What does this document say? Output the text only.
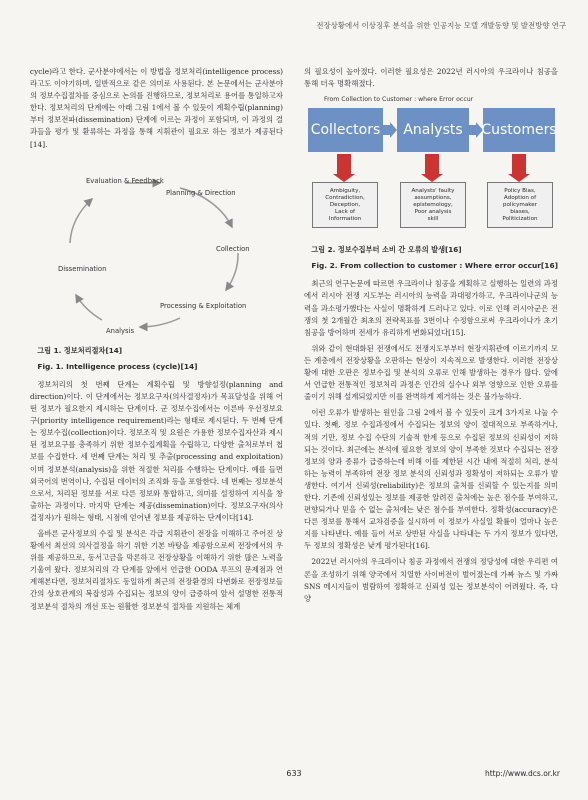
전장상황에서 이상징후 분석을 위한 인공지능 모델 개발동향 및 발전방향 연구

cycle)라고 한다. 군사분야에서는 이 방법을 정보처리(intelligence process)라고도 이야기하며, 일반적으로 같은 의미로 사용된다. 본 논문에서는 군사분야의 정보수집절차를 중심으로 논의를 진행하므로, 정보처리로 용어를 통일하고자 한다. 정보처리의 단계에는 아래 그림 1에서 볼 수 있듯이 계획수립(planning)부터 정보전파(dissemination) 단계에 이르는 과정이 포함되며, 이 과정의 결과들을 평가 및 환류하는 과정을 통해 지휘관이 필요로 하는 정보가 제공된다[14].

Evaluation & Feedback
Planning & Direction
Collection
Processing & Exploitation
Analysis
Dissemination

그림 1. 정보처리절차[14]

Fig. 1. Intelligence process (cycle)[14]

정보처리의 첫 번째 단계는 계획수립 및 방향설정(planning and direction)이다. 이 단계에서는 정보요구자(의사결정자)가 목표달성을 위해 어떤 정보가 필요한지 제시하는 단계이다. 군 정보수집에서는 이른바 우선정보요구(priority intelligence requirement)라는 형태로 제시된다. 두 번째 단계는 정보수집(collection)이다. 정보조직 및 요원은 가용한 정보수집자산과 제시된 정보요구를 충족하기 위한 정보수집계획을 수립하고, 다양한 출처로부터 첩보를 수집한다. 세 번째 단계는 처리 및 추출(processing and exploitation)이며 정보분석(analysis)을 위한 적절한 처리를 수행하는 단계이다. 예를 들면 외국어의 번역이나, 수집된 데이터의 조직화 등을 포함한다. 네 번째는 정보분석으로서, 처리된 정보를 서로 다른 정보와 통합하고, 의미를 설정하여 지식을 창출하는 과정이다. 마지막 단계는 제공(dissemination)이다. 정보요구자(의사결정자)가 원하는 형태, 시점에 얻어낸 정보를 제공하는 단계이다[14].

올바른 군사정보의 수집 및 분석은 각급 지휘관이 전장을 이해하고 주어진 상황에서 최선의 의사결정을 하기 위한 기본 바탕을 제공함으로써 전장에서의 우위를 제공하므로, 동서고금을 막론하고 전장상황을 이해하기 위한 많은 노력을 기울여 왔다. 정보처리의 각 단계를 앞에서 언급한 OODA 루프의 문제점과 연계해본다면, 정보처리절차도 동일하게 최근의 전장환경의 다변화로 전장정보들간의 상호관계의 복잡성과 수집되는 정보의 양이 급증하여 앞서 설명한 전통적 정보분석 절차의 개선 또는 원활한 정보분석 절차를 지원하는 체계

의 필요성이 높아졌다. 이러한 필요성은 2022년 러시아의 우크라이나 침공을 통해 더욱 명확해졌다.

From Collection to Customer : where Error occur
Collectors	Analysts	Customers
Ambiguity,
Contradiction,
Deception,
Lack of
Information
Analysts' faulty
assumptions,
epistemology,
Poor analysis
skill
Policy Bias,
Adoption of
policymaker
biases,
Politicization

그림 2. 정보수집부터 소비 간 오류의 발생[16]

Fig. 2. From collection to customer : Where error occur[16]

최근의 연구논문에 따르면 우크라이나 침공을 계획하고 실행하는 일련의 과정에서 러시아 전쟁 지도부는 러시아의 능력을 과대평가하고, 우크라이나군의 능력을 과소평가했다는 사실이 명확하게 드러나고 있다. 이로 인해 러시아군은 전쟁의 첫 2개월간 최초의 전략목표를 3번이나 수정함으로써 우크라이나가 초기 침공을 방어하며 전세가 유리하게 변화되었다[15].

위와 같이 현대화된 전쟁에서도 전쟁지도부부터 현장지휘관에 이르기까지 모든 계층에서 전장상황을 오판하는 현상이 지속적으로 발생한다. 이러한 전장상황에 대한 오판은 정보수집 및 분석의 오류로 인해 발생하는 경우가 많다. 앞에서 언급한 전통적인 정보처리 과정은 인간의 실수나 외부 영향으로 인한 오류를 줄이기 위해 설계되었지만 이를 완벽하게 제거하는 것은 불가능하다.

이런 오류가 발생하는 원인을 그림 2에서 볼 수 있듯이 크게 3가지로 나눌 수 있다. 첫째, 정보 수집과정에서 수집되는 정보의 양이 절대적으로 부족하거나, 적의 기만, 정보 수집 수단의 기술적 한계 등으로 수집된 정보의 신뢰성이 저하되는 것이다. 최근에는 분석에 필요한 정보의 양이 부족한 것보다 수집되는 전장정보의 양과 종류가 급증하는데 비해 이를 제한된 시간 내에 적절히 처리, 분석하는 능력이 부족하여 전장 정보 분석의 신뢰성과 정확성이 저하되는 오류가 발생한다. 여기서 신뢰성(reliability)은 정보의 출처를 신뢰할 수 있는지를 의미한다. 기존에 신뢰성있는 정보를 제공한 알려진 출처에는 높은 점수를 부여하고, 편향되거나 믿을 수 없는 출처에는 낮은 점수를 부여한다. 정확성(accuracy)은 다른 정보를 통해서 교차검증을 실시하여 이 정보가 사실일 확률이 얼마나 높은지를 나타낸다. 예를 들어 서로 상반된 사실을 나타내는 두 가지 정보가 있다면, 두 정보의 정확성은 낮게 평가된다[16].

2022년 러시아의 우크라이나 침공 과정에서 전쟁의 정당성에 대한 우리편 여론을 조성하기 위해 양국에서 치열한 사이버전이 벌어졌는데 가짜 뉴스 및 가짜 SNS 메시지들이 범람하여 정확하고 신뢰성 있는 정보분석이 어려웠다. 즉, 다양

633	http://www.dcs.or.kr
